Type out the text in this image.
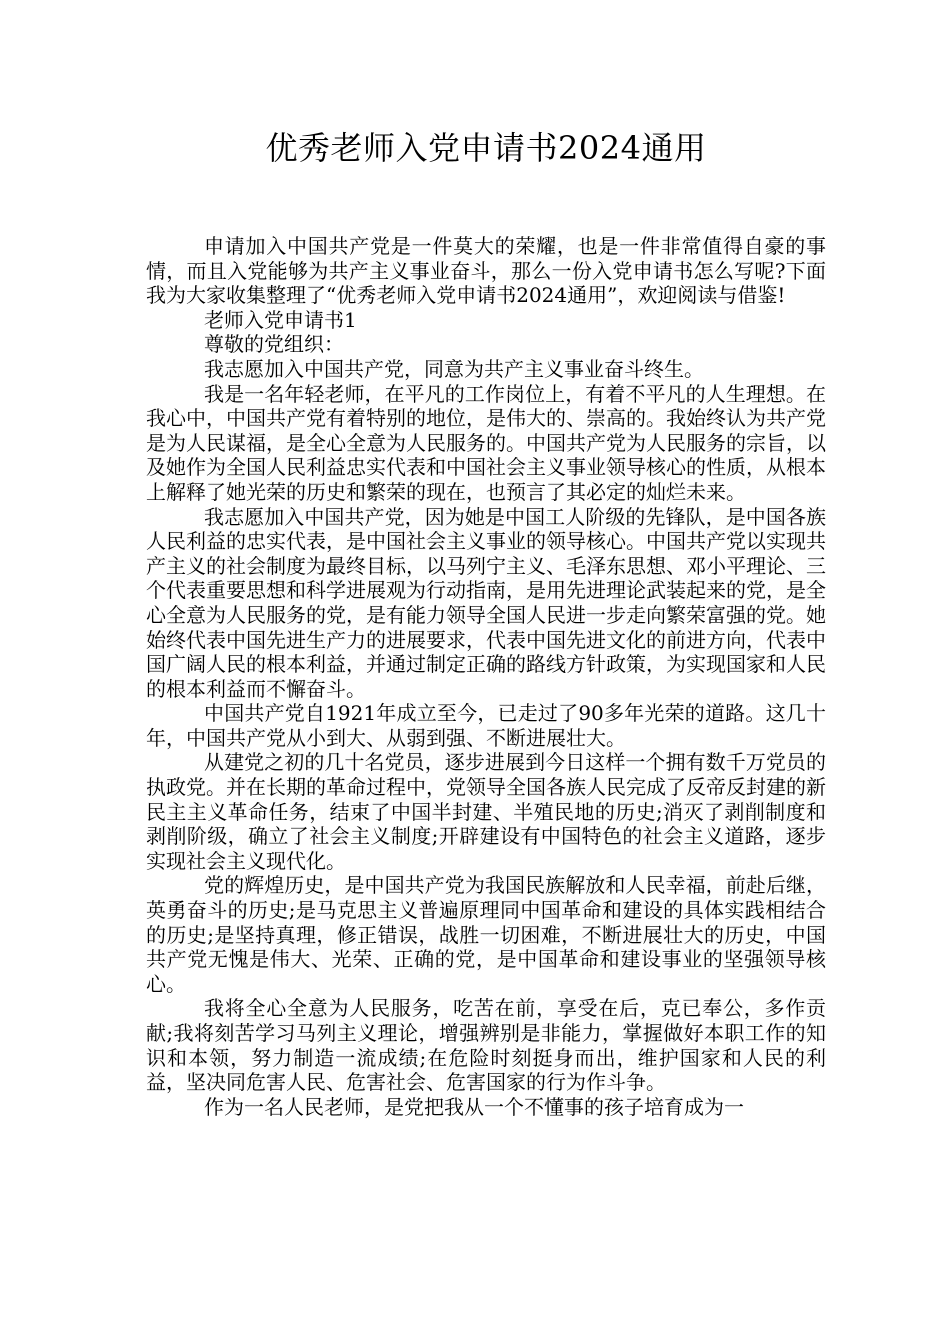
优秀老师入党申请书2024通用

申请加入中国共产党是一件莫大的荣耀，也是一件非常值得自豪的事情，而且入党能够为共产主义事业奋斗，那么一份入党申请书怎么写呢?下面我为大家收集整理了“优秀老师入党申请书2024通用”，欢迎阅读与借鉴!

老师入党申请书1

尊敬的党组织：

我志愿加入中国共产党，同意为共产主义事业奋斗终生。

我是一名年轻老师，在平凡的工作岗位上，有着不平凡的人生理想。在我心中，中国共产党有着特别的地位，是伟大的、崇高的。我始终认为共产党是为人民谋福，是全心全意为人民服务的。中国共产党为人民服务的宗旨，以及她作为全国人民利益忠实代表和中国社会主义事业领导核心的性质，从根本上解释了她光荣的历史和繁荣的现在，也预言了其必定的灿烂未来。

我志愿加入中国共产党，因为她是中国工人阶级的先锋队，是中国各族人民利益的忠实代表，是中国社会主义事业的领导核心。中国共产党以实现共产主义的社会制度为最终目标，以马列宁主义、毛泽东思想、邓小平理论、三个代表重要思想和科学进展观为行动指南，是用先进理论武装起来的党，是全心全意为人民服务的党，是有能力领导全国人民进一步走向繁荣富强的党。她始终代表中国先进生产力的进展要求，代表中国先进文化的前进方向，代表中国广阔人民的根本利益，并通过制定正确的路线方针政策，为实现国家和人民的根本利益而不懈奋斗。

中国共产党自1921年成立至今，已走过了90多年光荣的道路。这几十年，中国共产党从小到大、从弱到强、不断进展壮大。

从建党之初的几十名党员，逐步进展到今日这样一个拥有数千万党员的执政党。并在长期的革命过程中，党领导全国各族人民完成了反帝反封建的新民主主义革命任务，结束了中国半封建、半殖民地的历史;消灭了剥削制度和剥削阶级，确立了社会主义制度;开辟建设有中国特色的社会主义道路，逐步实现社会主义现代化。

党的辉煌历史，是中国共产党为我国民族解放和人民幸福，前赴后继，英勇奋斗的历史;是马克思主义普遍原理同中国革命和建设的具体实践相结合的历史;是坚持真理，修正错误，战胜一切困难，不断进展壮大的历史，中国共产党无愧是伟大、光荣、正确的党，是中国革命和建设事业的坚强领导核心。

我将全心全意为人民服务，吃苦在前，享受在后，克已奉公，多作贡献;我将刻苦学习马列主义理论，增强辨别是非能力，掌握做好本职工作的知识和本领，努力制造一流成绩;在危险时刻挺身而出，维护国家和人民的利益，坚决同危害人民、危害社会、危害国家的行为作斗争。

作为一名人民老师，是党把我从一个不懂事的孩子培育成为一
